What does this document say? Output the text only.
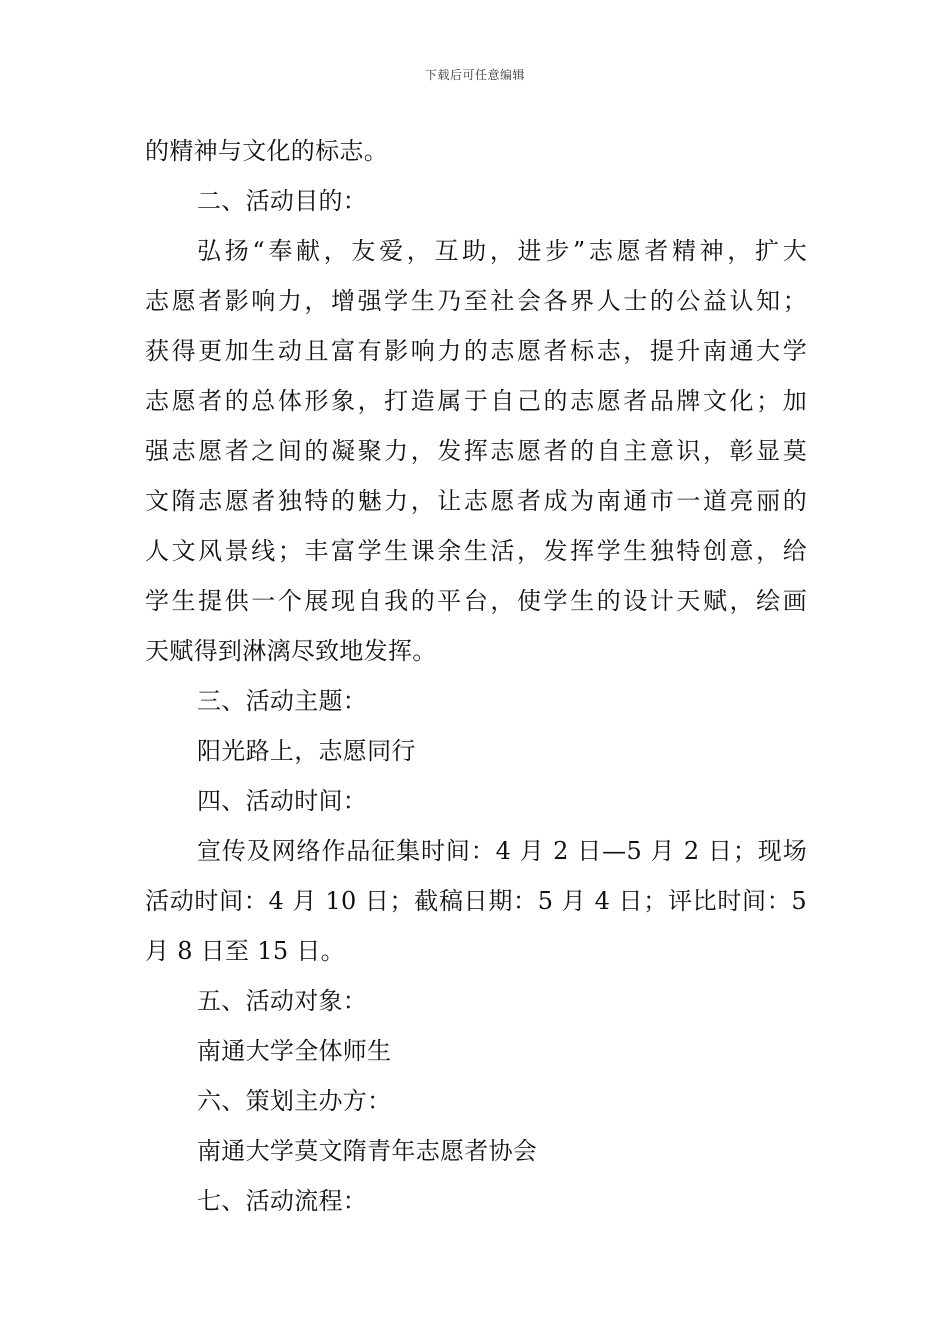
下载后可任意编辑
的精神与文化的标志。
二、活动目的：
弘扬“奉献，友爱，互助，进步”志愿者精神，扩大
志愿者影响力，增强学生乃至社会各界人士的公益认知；
获得更加生动且富有影响力的志愿者标志，提升南通大学
志愿者的总体形象，打造属于自己的志愿者品牌文化；加
强志愿者之间的凝聚力，发挥志愿者的自主意识，彰显莫
文隋志愿者独特的魅力，让志愿者成为南通市一道亮丽的
人文风景线；丰富学生课余生活，发挥学生独特创意，给
学生提供一个展现自我的平台，使学生的设计天赋，绘画
天赋得到淋漓尽致地发挥。
三、活动主题：
阳光路上，志愿同行
四、活动时间：
宣传及网络作品征集时间：4 月 2 日—5 月 2 日；现场
活动时间：4 月 10 日；截稿日期：5 月 4 日；评比时间：5
月 8 日至 15 日。
五、活动对象：
南通大学全体师生
六、策划主办方：
南通大学莫文隋青年志愿者协会
七、活动流程：
